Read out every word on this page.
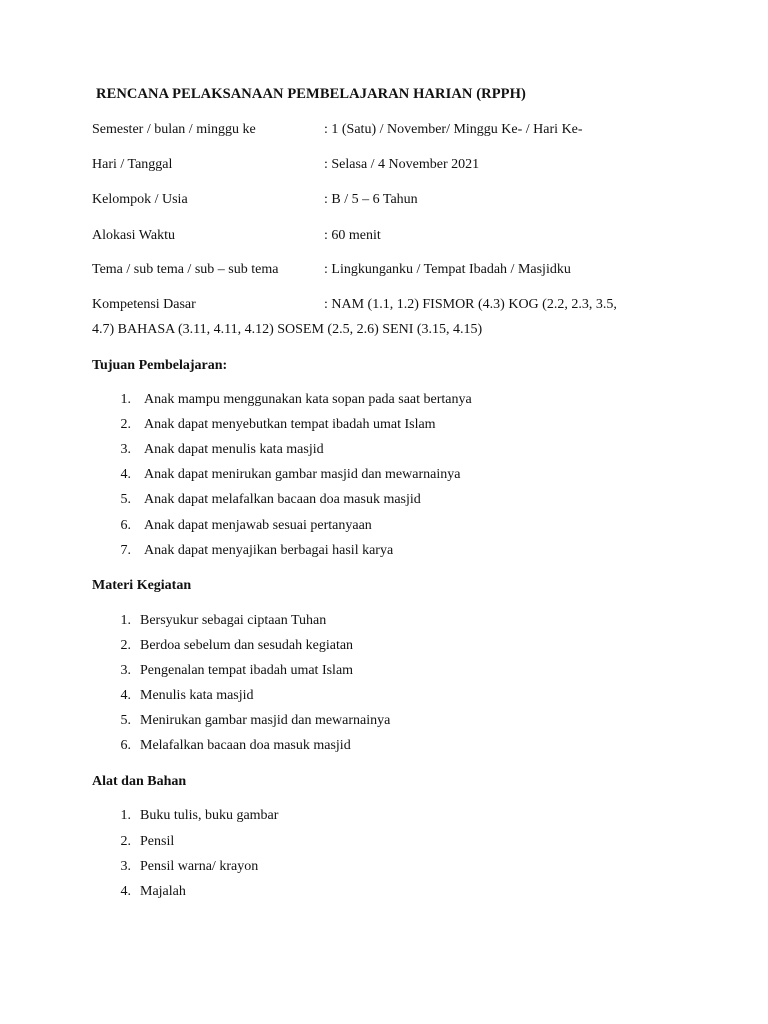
RENCANA PELAKSANAAN PEMBELAJARAN HARIAN (RPPH)
Semester / bulan / minggu ke	: 1 (Satu) / November/ Minggu Ke- / Hari Ke-
Hari / Tanggal	: Selasa / 4 November 2021
Kelompok / Usia	: B / 5 – 6 Tahun
Alokasi Waktu	: 60 menit
Tema / sub tema / sub – sub tema	: Lingkunganku / Tempat Ibadah / Masjidku
Kompetensi Dasar	: NAM (1.1, 1.2) FISMOR (4.3) KOG (2.2, 2.3, 3.5,
4.7) BAHASA (3.11, 4.11, 4.12) SOSEM (2.5, 2.6) SENI (3.15, 4.15)
Tujuan Pembelajaran:
1. Anak mampu menggunakan kata sopan pada saat bertanya
2. Anak dapat menyebutkan tempat ibadah umat Islam
3. Anak dapat menulis kata masjid
4. Anak dapat menirukan gambar masjid dan mewarnainya
5. Anak dapat melafalkan bacaan doa masuk masjid
6. Anak dapat menjawab sesuai pertanyaan
7. Anak dapat menyajikan berbagai hasil karya
Materi Kegiatan
1. Bersyukur sebagai ciptaan Tuhan
2. Berdoa sebelum dan sesudah kegiatan
3. Pengenalan tempat ibadah umat Islam
4. Menulis kata masjid
5. Menirukan gambar masjid dan mewarnainya
6. Melafalkan bacaan doa masuk masjid
Alat dan Bahan
1. Buku tulis, buku gambar
2. Pensil
3. Pensil warna/ krayon
4. Majalah
